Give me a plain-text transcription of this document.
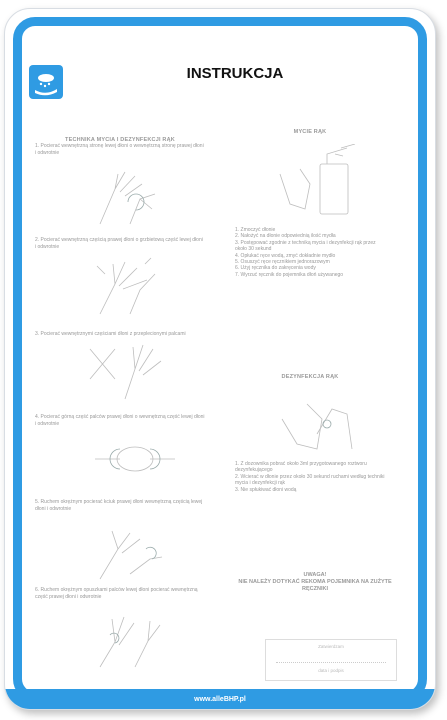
INSTRUKCJA
TECHNIKA MYCIA I DEZYNFEKCJI RĄK
1. Pocierać wewnętrzną stronę lewej dłoni o wewnętrzną stronę prawej dłoni i odwrotnie
2. Pocierać wewnętrzną częścią prawej dłoni o grzbietową część lewej dłoni i odwrotnie
3. Pocierać wewnętrznymi częściami dłoni z przeplecionymi palcami
4. Pocierać górną część palców prawej dłoni o wewnętrzną część lewej dłoni i odwrotnie
5. Ruchem okrężnym pocierać kciuk prawej dłoni wewnętrzną częścią lewej dłoni i odwrotnie
6. Ruchem okrężnym opuszkami palców lewej dłoni pocierać wewnętrzną część prawej dłoni i odwrotnie
MYCIE RĄK
1. Zmoczyć dłonie
2. Nałożyć na dłonie odpowiednią ilość mydła
3. Postępować zgodnie z techniką mycia i dezynfekcji rąk przez około 30 sekund
4. Opłukać ręce wodą, zmyć dokładnie mydło
5. Osuszyć ręce ręcznikiem jednorazowym
6. Użyj ręcznika do zakręcenia wody
7. Wyrzuć ręcznik do pojemnika dłoń używanego
DEZYNFEKCJA RĄK
1. Z dozownika pobrać około 3ml przygotowanego roztworu dezynfekującego
2. Wcierać w dłonie przez około 30 sekund ruchami według techniki mycia i dezynfekcji rąk
3. Nie spłukiwać dłoni wodą
UWAGA!
NIE NALEŻY DOTYKAĆ REKOMA POJEMNIKA NA ZUŻYTE
RĘCZNIKI
Zatwierdzam
data i podpis
www.alleBHP.pl
